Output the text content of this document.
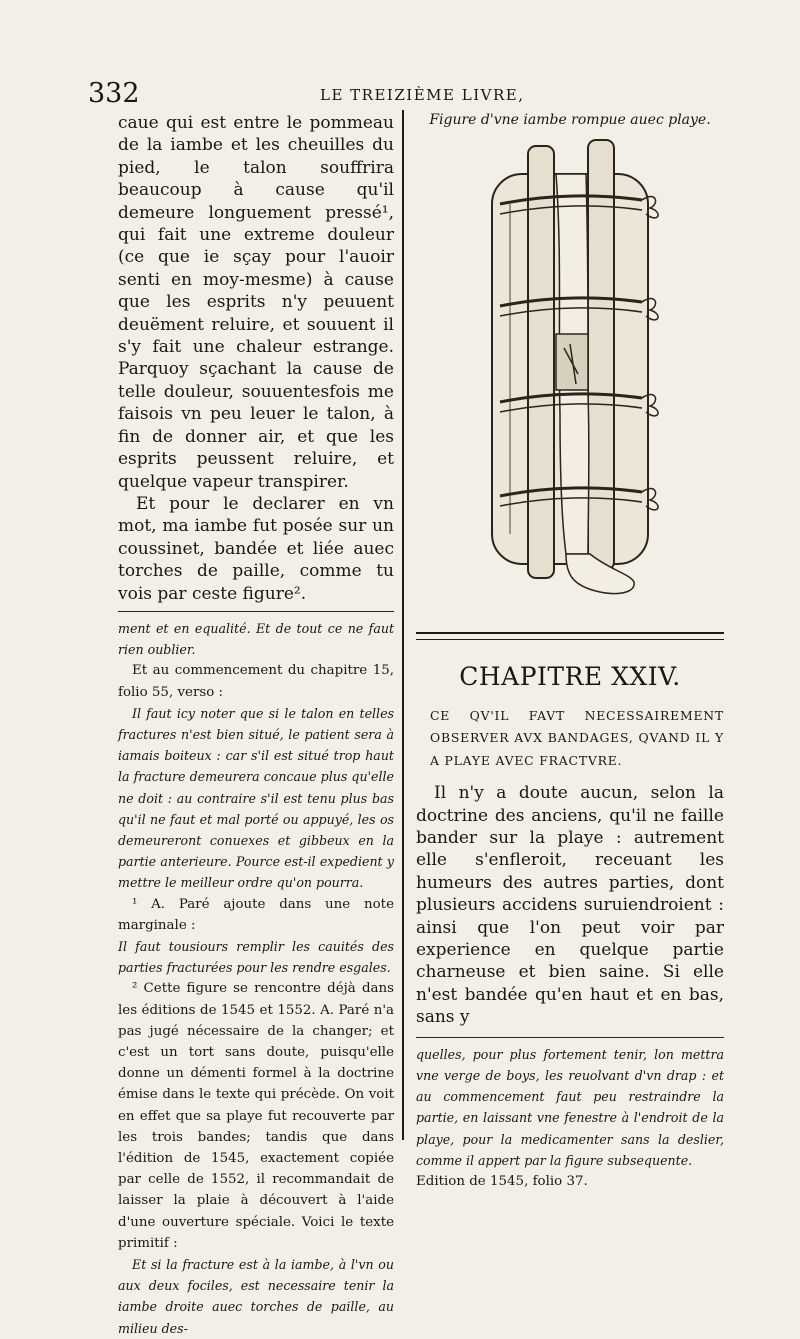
332	LE TREIZIÈME LIVRE,

caue qui est entre le pommeau de la iambe et les cheuilles du pied, le talon souffrira beaucoup à cause qu'il demeure longuement pressé¹, qui fait une extreme douleur (ce que ie sçay pour l'auoir senti en moy-mesme) à cause que les esprits n'y peuuent deuëment reluire, et souuent il s'y fait une chaleur estrange. Parquoy sçachant la cause de telle douleur, souuentesfois me faisois vn peu leuer le talon, à fin de donner air, et que les esprits peussent reluire, et quelque vapeur transpirer.

Et pour le declarer en vn mot, ma iambe fut posée sur un coussinet, bandée et liée auec torches de paille, comme tu vois par ceste figure².

ment et en equalité. Et de tout ce ne faut rien oublier.

Et au commencement du chapitre 15, folio 55, verso :

Il faut icy noter que si le talon en telles fractures n'est bien situé, le patient sera à iamais boiteux : car s'il est situé trop haut la fracture demeurera concaue plus qu'elle ne doit : au contraire s'il est tenu plus bas qu'il ne faut et mal porté ou appuyé, les os demeureront conuexes et gibbeux en la partie anterieure. Pource est-il expedient y mettre le meilleur ordre qu'on pourra.

¹ A. Paré ajoute dans une note marginale :

Il faut tousiours remplir les cauités des parties fracturées pour les rendre esgales.

² Cette figure se rencontre déjà dans les éditions de 1545 et 1552. A. Paré n'a pas jugé nécessaire de la changer; et c'est un tort sans doute, puisqu'elle donne un démenti formel à la doctrine émise dans le texte qui précède. On voit en effet que sa playe fut recouverte par les trois bandes; tandis que dans l'édition de 1545, exactement copiée par celle de 1552, il recommandait de laisser la plaie à découvert à l'aide d'une ouverture spéciale. Voici le texte primitif :

Et si la fracture est à la iambe, à l'vn ou aux deux fociles, est necessaire tenir la iambe droite auec torches de paille, au milieu des-

Figure d'vne iambe rompue auec playe.

CHAPITRE XXIV.

CE QV'IL FAVT NECESSAIREMENT OBSERVER AVX BANDAGES, QVAND IL Y A PLAYE AVEC FRACTVRE.

Il n'y a doute aucun, selon la doctrine des anciens, qu'il ne faille bander sur la playe : autrement elle s'enfleroit, receuant les humeurs des autres parties, dont plusieurs accidens suruiendroient : ainsi que l'on peut voir par experience en quelque partie charneuse et bien saine. Si elle n'est bandée qu'en haut et en bas, sans y

quelles, pour plus fortement tenir, lon mettra vne verge de boys, les reuolvant d'vn drap : et au commencement faut peu restraindre la partie, en laissant vne fenestre à l'endroit de la playe, pour la medicamenter sans la deslier, comme il appert par la figure subsequente.

Edition de 1545, folio 37.
